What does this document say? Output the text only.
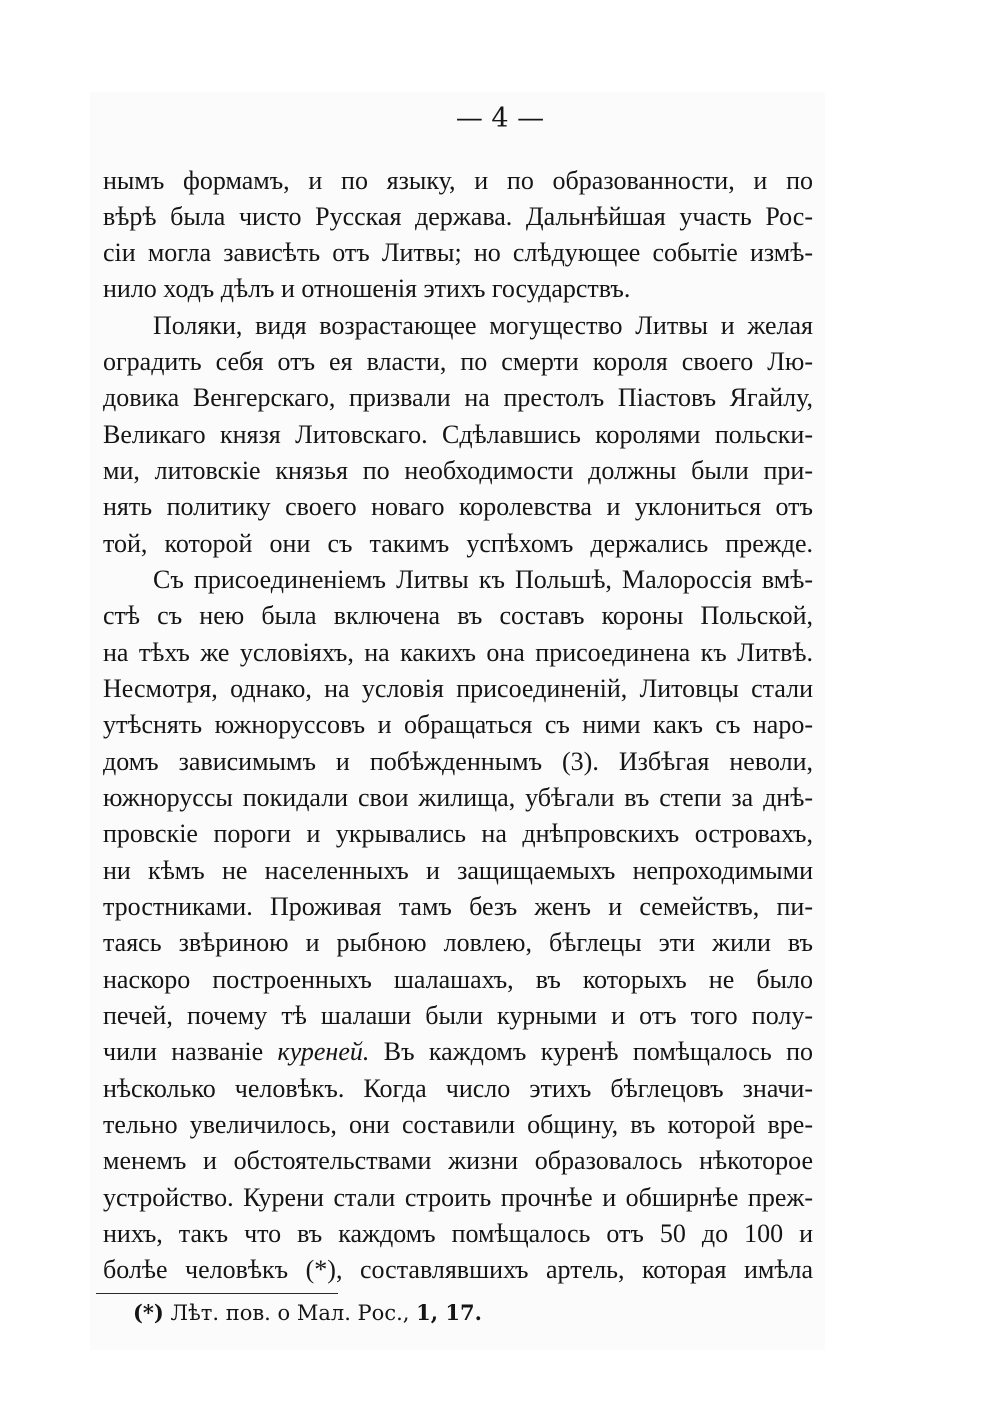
— 4 —
нымъ формамъ, и по языку, и по образованности, и по
вѣрѣ была чисто Русская держава. Дальнѣйшая участь Рос-
сіи могла зависѣть отъ Литвы; но слѣдующее событіе измѣ-
нило ходъ дѣлъ и отношенія этихъ государствъ.
Поляки, видя возрастающее могущество Литвы и желая
оградить себя отъ ея власти, по смерти короля своего Лю-
довика Венгерскаго, призвали на престолъ Піастовъ Ягайлу,
Великаго князя Литовскаго. Сдѣлавшись королями польски-
ми, литовскіе князья по необходимости должны были при-
нять политику своего новаго королевства и уклониться отъ
той, которой они съ такимъ успѣхомъ держались прежде.
Съ присоединеніемъ Литвы къ Польшѣ, Малороссія вмѣ-
стѣ съ нею была включена въ составъ короны Польской,
на тѣхъ же условіяхъ, на какихъ она присоединена къ Литвѣ.
Несмотря, однако, на условія присоединеній, Литовцы стали
утѣснять южноруссовъ и обращаться съ ними какъ съ наро-
домъ зависимымъ и побѣжденнымъ (3). Избѣгая неволи,
южноруссы покидали свои жилища, убѣгали въ степи за днѣ-
провскіе пороги и укрывались на днѣпровскихъ островахъ,
ни кѣмъ не населенныхъ и защищаемыхъ непроходимыми
тростниками. Проживая тамъ безъ женъ и семействъ, пи-
таясь звѣриною и рыбною ловлею, бѣглецы эти жили въ
наскоро построенныхъ шалашахъ, въ которыхъ не было
печей, почему тѣ шалаши были курными и отъ того полу-
чили названіе куреней. Въ каждомъ куренѣ помѣщалось по
нѣсколько человѣкъ. Когда число этихъ бѣглецовъ значи-
тельно увеличилось, они составили общину, въ которой вре-
менемъ и обстоятельствами жизни образовалось нѣкоторое
устройство. Курени стали строить прочнѣе и обширнѣе преж-
нихъ, такъ что въ каждомъ помѣщалось отъ 50 до 100 и
болѣе человѣкъ (*), составлявшихъ артель, которая имѣла
(*) Лѣт. пов. о Мал. Рос., 1, 17.
